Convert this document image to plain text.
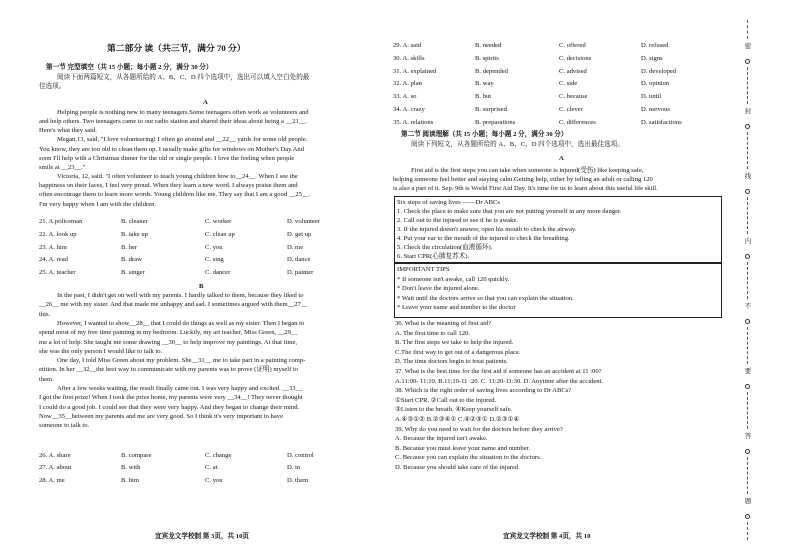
第二部分 读（共三节，满分 70 分）
第一节 完型填空（共 15 小题；每小题 2 分，满分 30 分）
阅读下面两篇短文，从各题所给的 A、B、C、D 四个选项中，选出可以填入空白处的最
佳选项。
A
Helping people is nothing new to many teenagers.Some teenagers often work as volunteers and
and help others. Two teenagers came to our radio station and shared their ideas about being a __21__.
Here's what they said.
Megan,13, said, "I love volunteering! I often go around and __22__ yards for some old people.
You know, they are too old to clean them up. I usually make gifts for windows on Mother's Day.And
soon I'll help with a Christmas dinner for the old or single people. I love the feeling when people
smile at __23__."
Victoria, 12, said. "I often volunteer to teach young children how to__24__. When I see the
happiness on their faces, I feel very proud. When they learn a new word. I always praise them and
often encourage them to learn more words. Young children like me. They say that I am a good __25__.
I'm very happy when I am with the children.
21. A.policeman	B. cleaner	C. worker	D. volunteer
22. A. look up	B. take up	C. clean up	D. get up
23. A. him	B. her	C. you	D. me
24. A. read	B. draw	C. sing	D. dance
25. A. teacher	B. singer	C. dancer	D. painter
B
In the past, I didn't get on well with my parents. I hardly talked to them, because they liked to
__26__ me with my sister. And that made me unhappy and sad. I sometimes argued with them__27__
this.
However, I wanted to show__28__ that I could do things as well as my sister. Then I began to
spend most of my free time painting in my bedroom. Luckily, my art teacher, Miss Green, __29__
me a lot of help. She taught me some drawing __30__ to help improve my paintings. At that time,
she was the only person I would like to talk to.
One day, I told Miss Green about my problem. She__31__ me to take part in a painting comp-
etition. In her __32__the best way to communicate with my parents was to prove (证明) myself to
them.
After a few weeks waiting, the result finally came out. I was very happy and excited. __33__
I got the first prize! When I took the prize home, my parents were very __34__! They never thought
I could do a good job. I could see that they were very happy. And they began to change their mind.
Now__35__between my parents and me are very good. So I think it's very important to have
someone to talk to.
26. A. share	B. compare	C. change	D. control
27. A. about	B. with	C. at	D. in
28. A. me	B. him	C. you	D. them
宜宾龙文学校制 第 3页，共 10页
29. A. said	B. needed	C. offered	D. refused
30. A. skills	B. spirits	C. decisions	D. signs
31. A. explained	B. depended	C. advised	D. developed
32. A. plan	B. way	C. side	D. opinion
33. A. so	B. but	C. because	D. until
34. A. crazy	B. surprised	C. clever	D. nervous
35. A. relations	B. preparations	C. differences	D. satisfactions
第二节 阅读理解（共 15 小题；每小题 2 分，满分 30 分）
阅读下列短文，从各题所给的 A、B、C、D 四个选项中，选出最佳选项。
A
First aid is the first steps you can take when someone is injured(受伤) like keeping safe,
helping someone feel better and staying calm.Getting help, either by telling an adult or calling 120
is also a part of it. Sep. 9th is World First Aid Day. It's time for us to learn about this useful life skill.
Six steps of saving lives ——Dr ABCs
1. Check the place to make sure that you are not putting yourself in any more danger.
2. Call out to the injured to see if he is awake.
3. If the injured doesn't answer, open his mouth to check the airway.
4. Put your ear to the mouth of the injured to check the breathing.
5. Check the circulation(血液循环).
6. Start CPR(心肺复苏术).
IMPORTANT TIPS
* If someone isn't awake, call 120 quickly.
* Don't leave the injured alone.
* Wait until the doctors arrive so that you can explain the situation.
* Leave your name and number to the doctor
36. What is the meaning of first aid?
A. The first time to call 120.
B. The first steps we take to help the injured.
C.The first way to get out of a dangerous place.
D. The time doctors begin to treat patients.
37. What is the best time for the first aid if someone has an accident at 11 :00?
A.11:00- 11:10. B.11:10-11 :20. C. 11:20-11:30. D. Anytime after the accident.
38. Which is the right order of saving lives according to Dr ABCs?
①Start CPR. ②Call out to the injured.
③Listen to the breath. ④Keep yourself safe.
A.④③①② B.②③④① C.④②③① D.②③①④
39. Why do you need to wait for the doctors before they arrive?
A. Because the injured isn't awake.
B. Because you must leave your name and number.
C. Because you can explain the situation to the doctors.
D. Because you should take care of the injured.
宜宾龙文学校制 第 4页，共 10
密
封
线
内
不
要
答
题
